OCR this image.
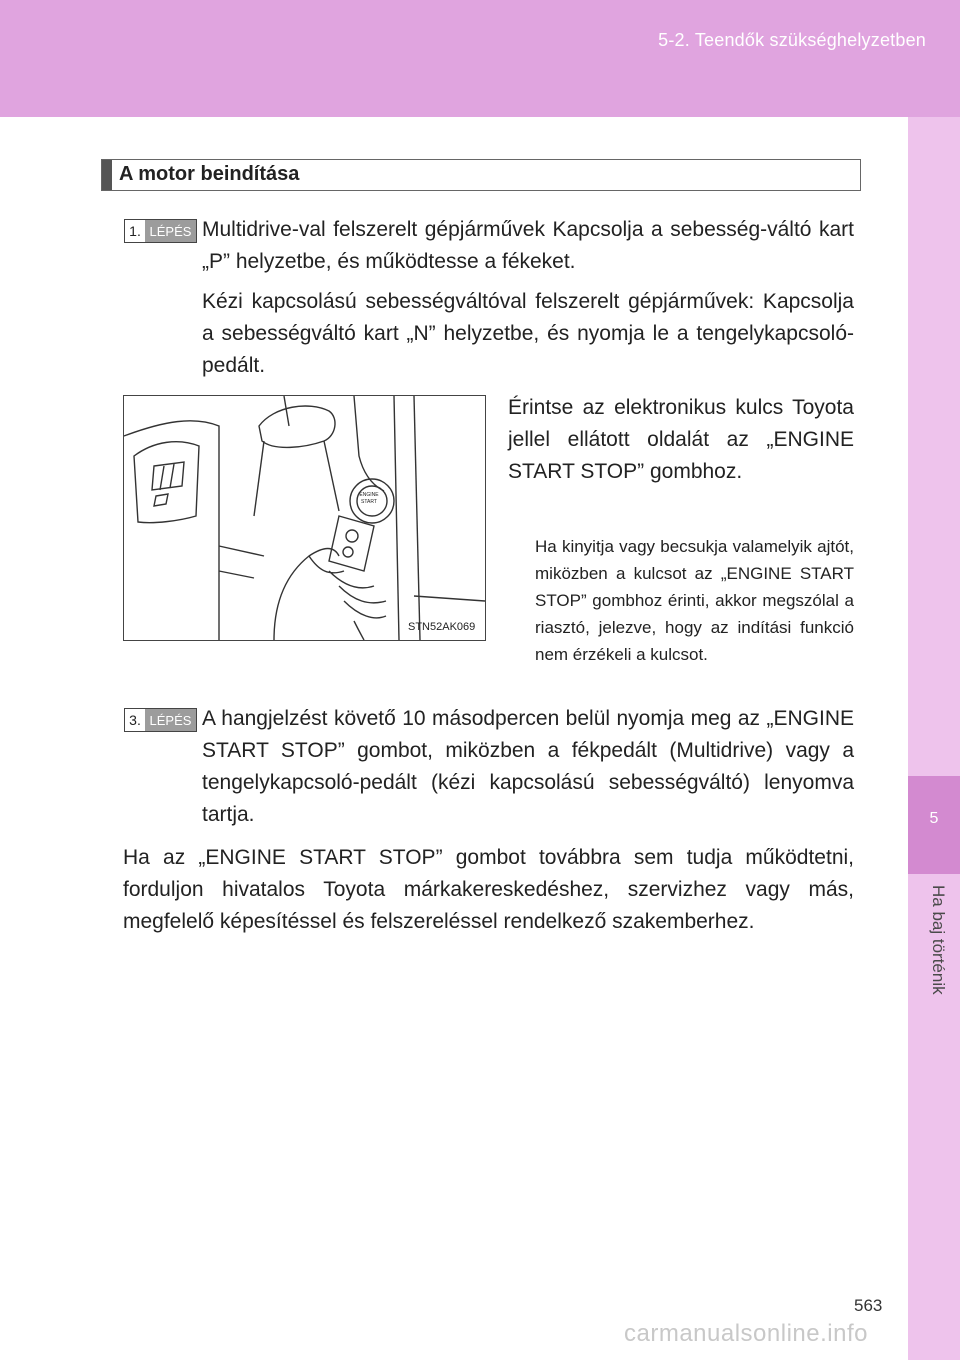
5-2. Teendők szükséghelyzetben
5
Ha baj történik
A motor beindítása
1. LÉPÉS Multidrive-val felszerelt gépjárművek Kapcsolja a sebesség-váltó kart „P” helyzetbe, és működtesse a fékeket.
Kézi kapcsolású sebességváltóval felszerelt gépjárművek: Kapcsolja a sebességváltó kart „N” helyzetbe, és nyomja le a tengelykapcsoló-pedált.
ENGINE
START
STN52AK069
Érintse az elektronikus kulcs Toyota jellel ellátott oldalát az „ENGINE START STOP” gombhoz.
Ha kinyitja vagy becsukja valamelyik ajtót, miközben a kulcsot az „ENGINE START STOP” gombhoz érinti, akkor megszólal a riasztó, jelezve, hogy az indítási funkció nem érzékeli a kulcsot.
3. LÉPÉS A hangjelzést követő 10 másodpercen belül nyomja meg az „ENGINE START STOP” gombot, miközben a fékpedált (Multidrive) vagy a tengelykapcsoló-pedált (kézi kapcsolású sebességváltó) lenyomva tartja.
Ha az „ENGINE START STOP” gombot továbbra sem tudja működtetni, forduljon hivatalos Toyota márkakereskedéshez, szervizhez vagy más, megfelelő képesítéssel és felszereléssel rendelkező szakemberhez.
563
carmanualsonline.info
